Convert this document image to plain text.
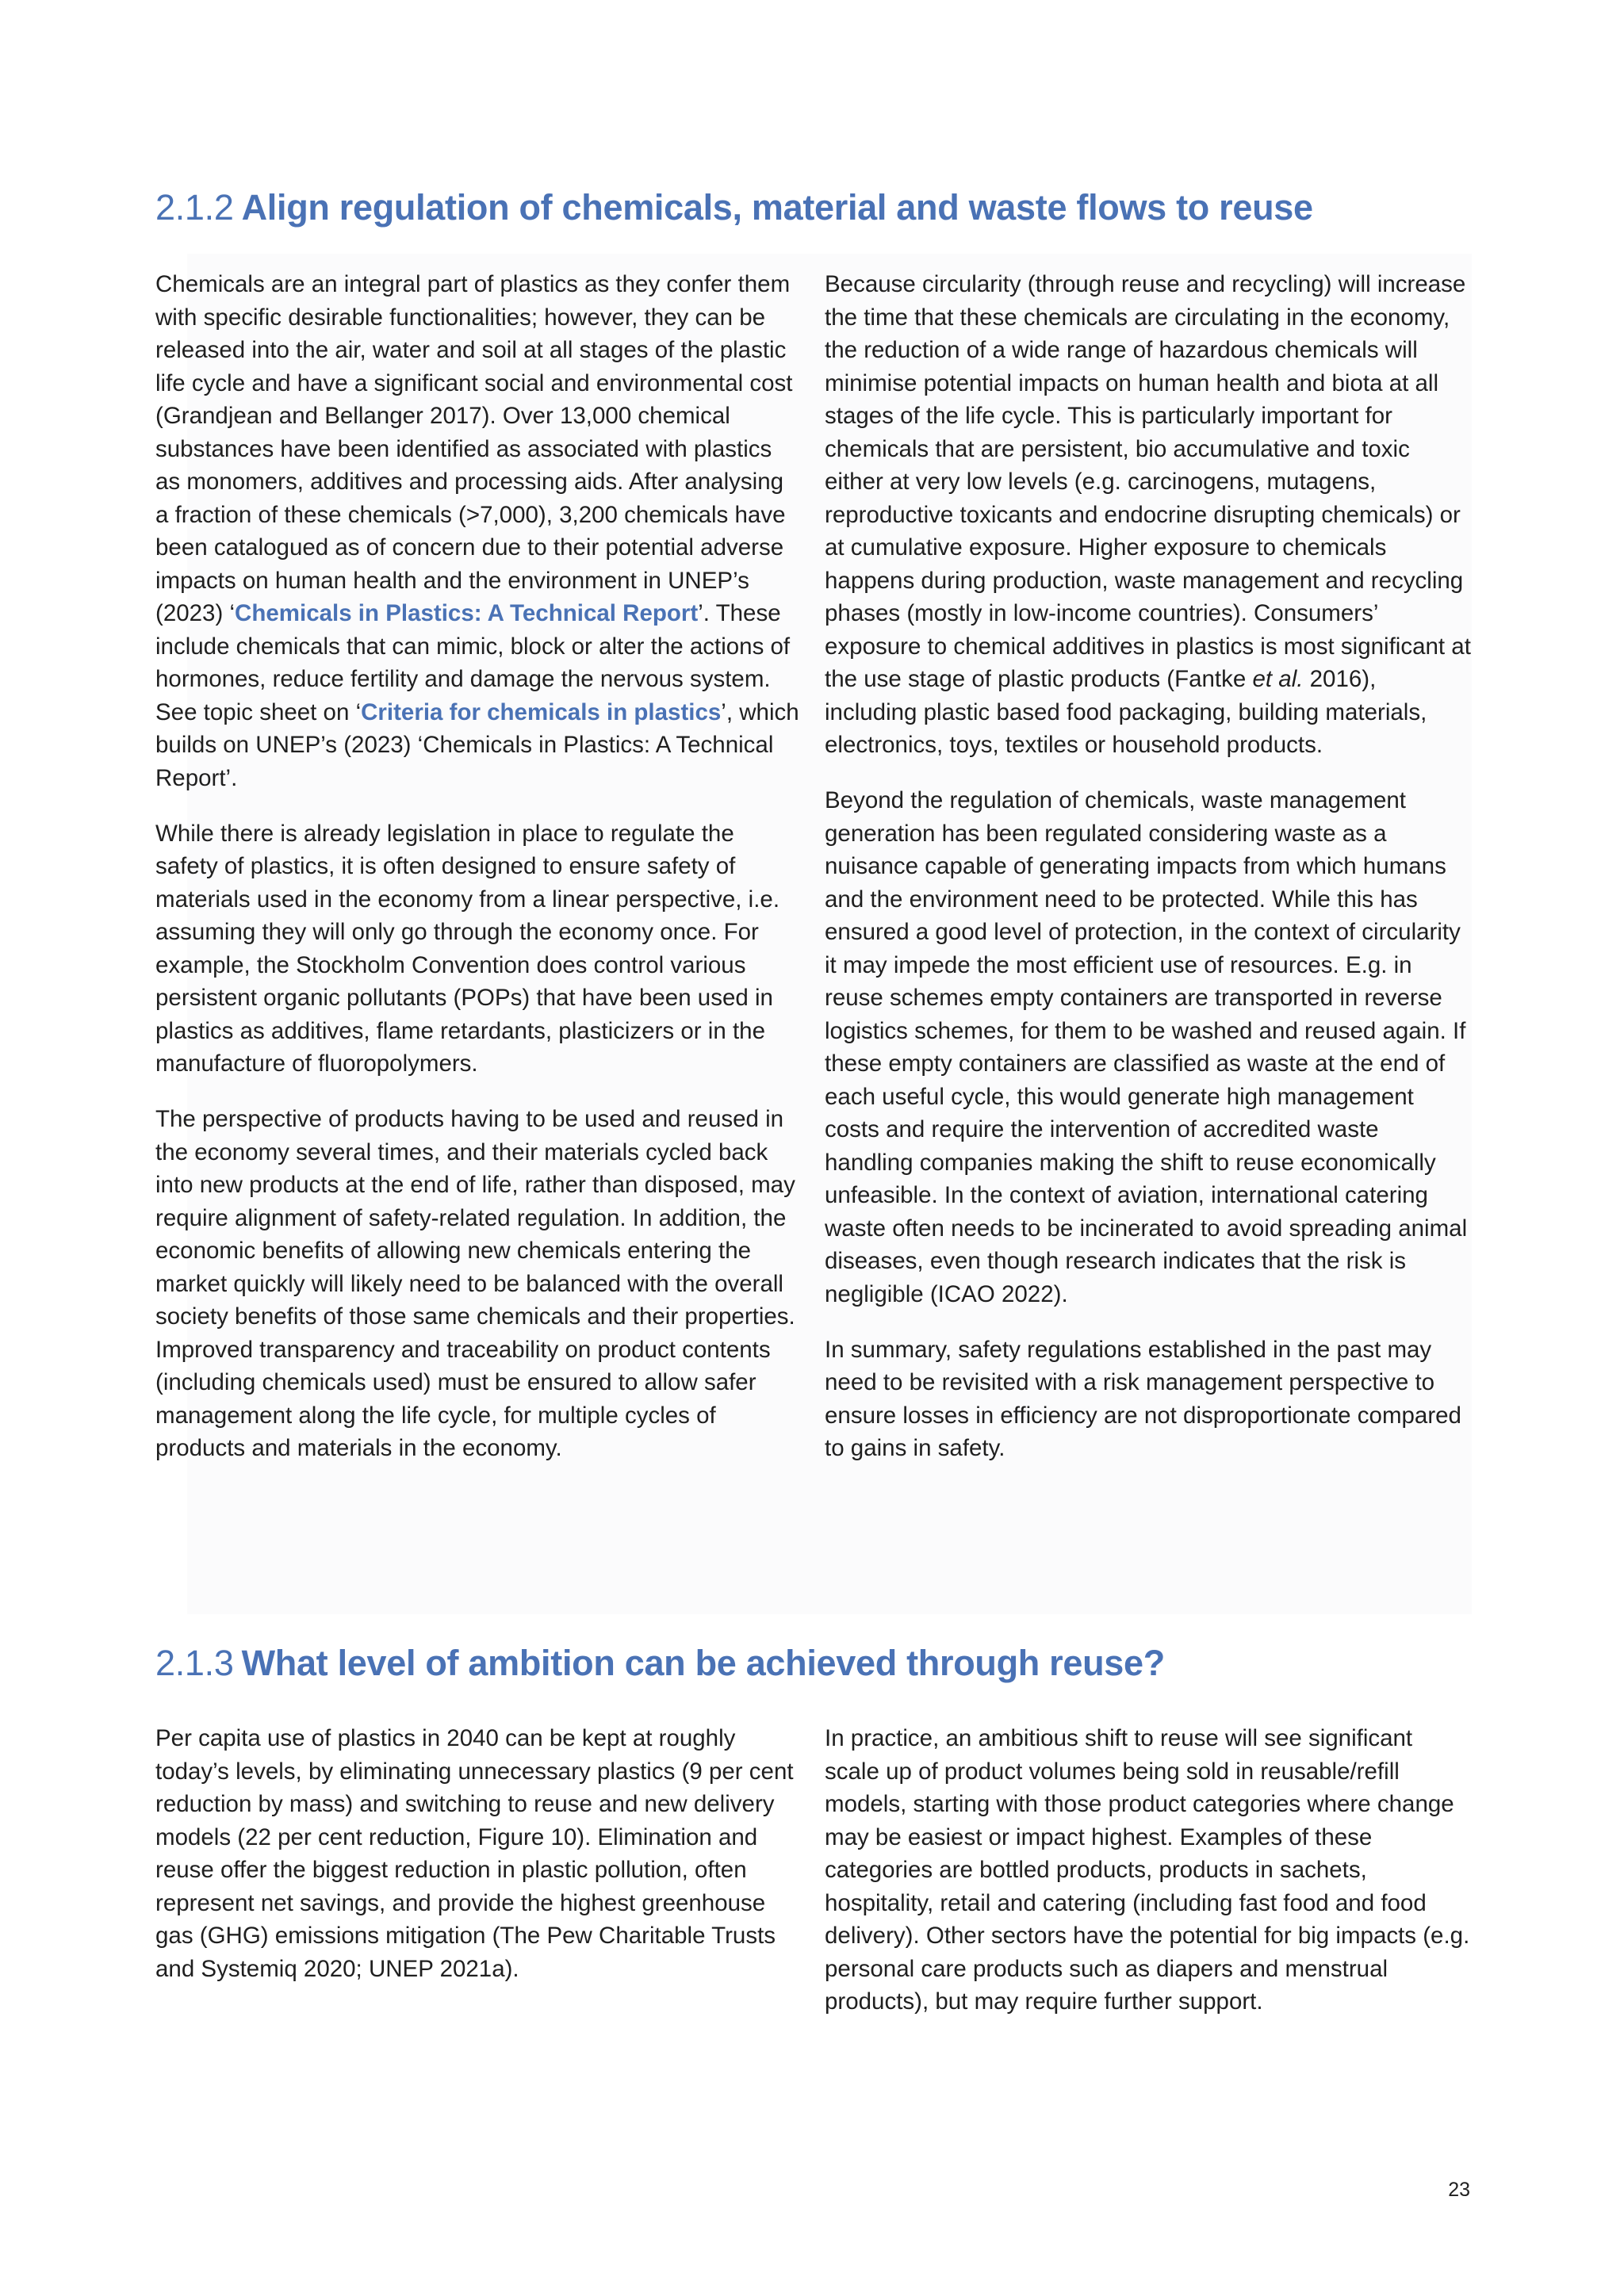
2.1.2 Align regulation of chemicals, material and waste flows to reuse

Chemicals are an integral part of plastics as they confer them with specific desirable functionalities; however, they can be released into the air, water and soil at all stages of the plastic life cycle and have a significant social and environmental cost (Grandjean and Bellanger 2017). Over 13,000 chemical substances have been identified as associated with plastics as monomers, additives and processing aids. After analysing a fraction of these chemicals (>7,000), 3,200 chemicals have been catalogued as of concern due to their potential adverse impacts on human health and the environment in UNEP’s (2023) ‘Chemicals in Plastics: A Technical Report’. These include chemicals that can mimic, block or alter the actions of hormones, reduce fertility and damage the nervous system. See topic sheet on ‘Criteria for chemicals in plastics’, which builds on UNEP’s (2023) ‘Chemicals in Plastics: A Technical Report’.

While there is already legislation in place to regulate the safety of plastics, it is often designed to ensure safety of materials used in the economy from a linear perspective, i.e. assuming they will only go through the economy once. For example, the Stockholm Convention does control various persistent organic pollutants (POPs) that have been used in plastics as additives, flame retardants, plasticizers or in the manufacture of fluoropolymers.

The perspective of products having to be used and reused in the economy several times, and their materials cycled back into new products at the end of life, rather than disposed, may require alignment of safety-related regulation. In addition, the economic benefits of allowing new chemicals entering the market quickly will likely need to be balanced with the overall society benefits of those same chemicals and their properties. Improved transparency and traceability on product contents (including chemicals used) must be ensured to allow safer management along the life cycle, for multiple cycles of products and materials in the economy.

Because circularity (through reuse and recycling) will increase the time that these chemicals are circulating in the economy, the reduction of a wide range of hazardous chemicals will minimise potential impacts on human health and biota at all stages of the life cycle. This is particularly important for chemicals that are persistent, bio accumulative and toxic either at very low levels (e.g. carcinogens, mutagens, reproductive toxicants and endocrine disrupting chemicals) or at cumulative exposure. Higher exposure to chemicals happens during production, waste management and recycling phases (mostly in low-income countries). Consumers’ exposure to chemical additives in plastics is most significant at the use stage of plastic products (Fantke et al. 2016), including plastic based food packaging, building materials, electronics, toys, textiles or household products.

Beyond the regulation of chemicals, waste management generation has been regulated considering waste as a nuisance capable of generating impacts from which humans and the environment need to be protected. While this has ensured a good level of protection, in the context of circularity it may impede the most efficient use of resources. E.g. in reuse schemes empty containers are transported in reverse logistics schemes, for them to be washed and reused again. If these empty containers are classified as waste at the end of each useful cycle, this would generate high management costs and require the intervention of accredited waste handling companies making the shift to reuse economically unfeasible. In the context of aviation, international catering waste often needs to be incinerated to avoid spreading animal diseases, even though research indicates that the risk is negligible (ICAO 2022).

In summary, safety regulations established in the past may need to be revisited with a risk management perspective to ensure losses in efficiency are not disproportionate compared to gains in safety.

2.1.3 What level of ambition can be achieved through reuse?

Per capita use of plastics in 2040 can be kept at roughly today’s levels, by eliminating unnecessary plastics (9 per cent reduction by mass) and switching to reuse and new delivery models (22 per cent reduction, Figure 10). Elimination and reuse offer the biggest reduction in plastic pollution, often represent net savings, and provide the highest greenhouse gas (GHG) emissions mitigation (The Pew Charitable Trusts and Systemiq 2020; UNEP 2021a).

In practice, an ambitious shift to reuse will see significant scale up of product volumes being sold in reusable/refill models, starting with those product categories where change may be easiest or impact highest. Examples of these categories are bottled products, products in sachets, hospitality, retail and catering (including fast food and food delivery). Other sectors have the potential for big impacts (e.g. personal care products such as diapers and menstrual products), but may require further support.

23
